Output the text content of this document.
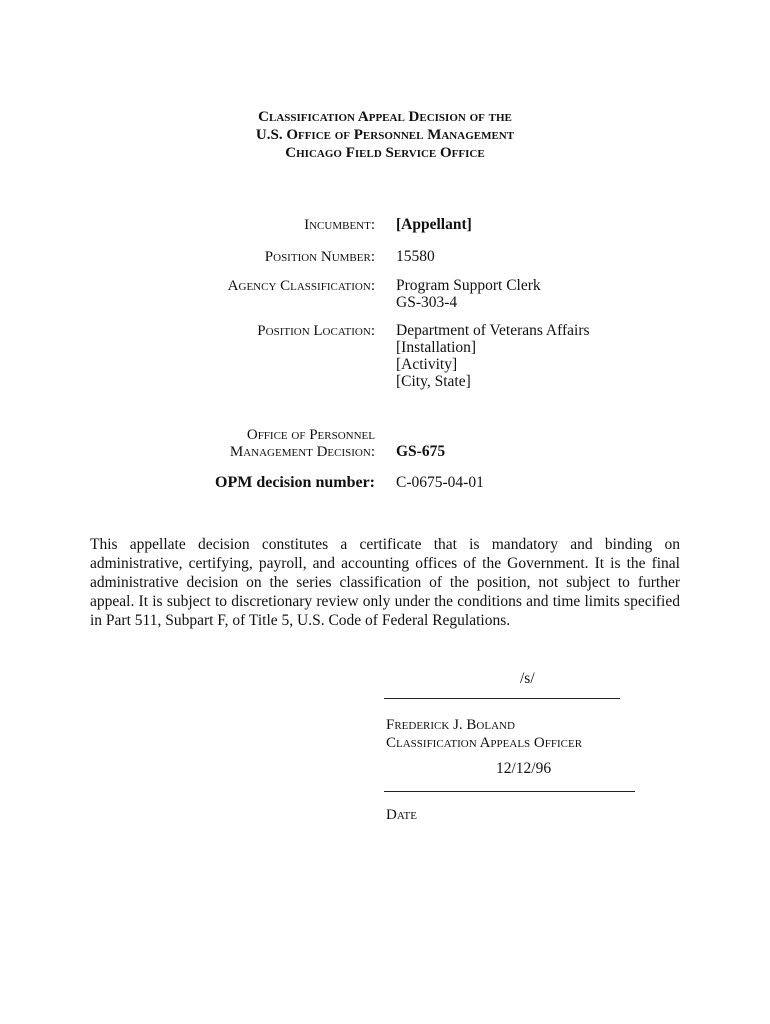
Classification Appeal Decision of the
U.S. Office of Personnel Management
Chicago Field Service Office
Incumbent: [Appellant]
Position Number: 15580
Agency Classification: Program Support Clerk
GS-303-4
Position Location: Department of Veterans Affairs
[Installation]
[Activity]
[City, State]
Office of Personnel
Management Decision: GS-675
OPM decision number: C-0675-04-01
This appellate decision constitutes a certificate that is mandatory and binding on administrative, certifying, payroll, and accounting offices of the Government. It is the final administrative decision on the series classification of the position, not subject to further appeal. It is subject to discretionary review only under the conditions and time limits specified in Part 511, Subpart F, of Title 5, U.S. Code of Federal Regulations.
/s/
Frederick J. Boland
Classification Appeals Officer
12/12/96
Date
